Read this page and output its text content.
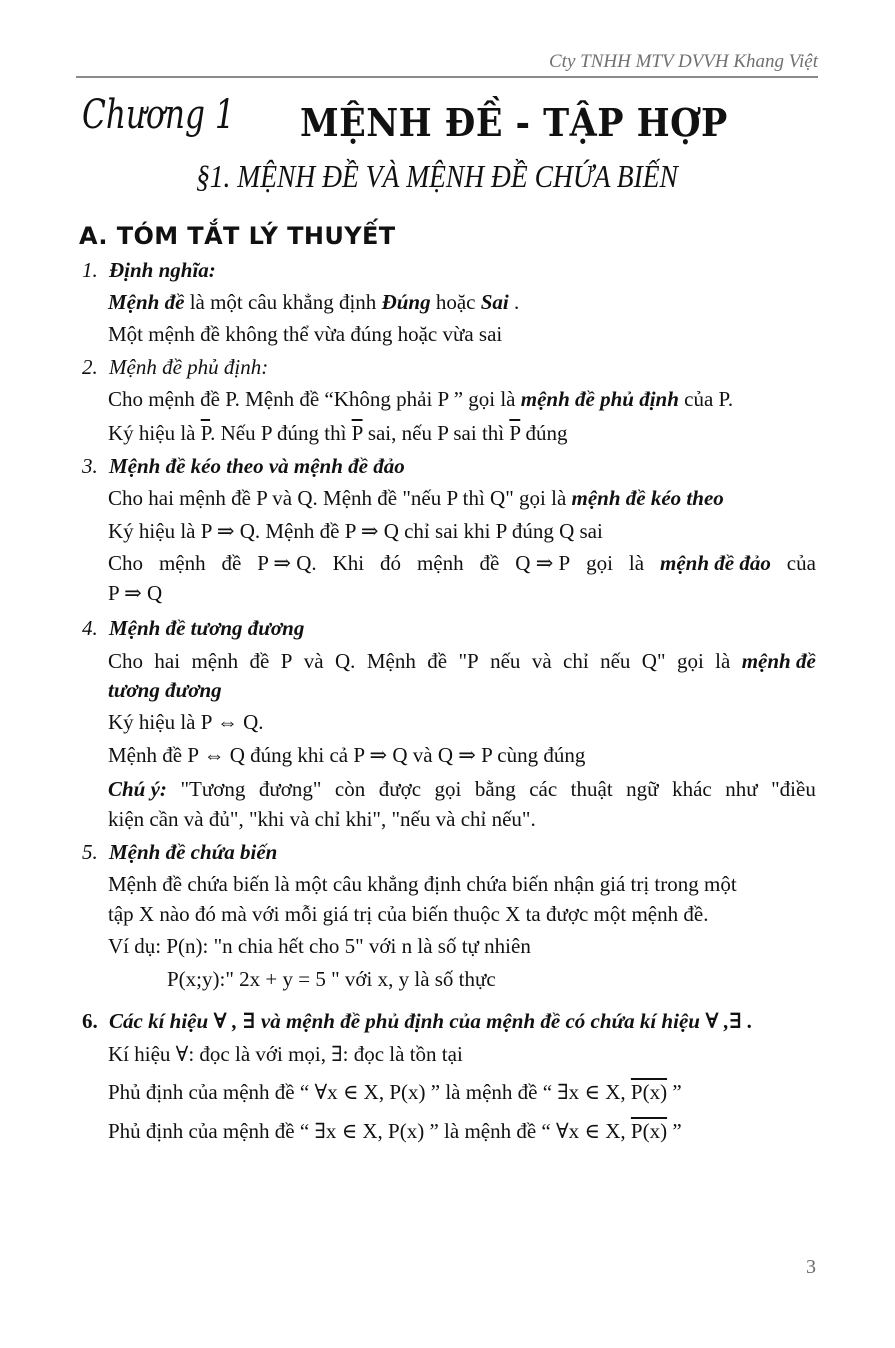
Cty TNHH MTV DVVH Khang Việt
Chương 1 MỆNH ĐỀ - TẬP HỢP
§1. MỆNH ĐỀ VÀ MỆNH ĐỀ CHỨA BIẾN
A. TÓM TẮT LÝ THUYẾT
1. Định nghĩa:
Mệnh đề là một câu khẳng định Đúng hoặc Sai .
Một mệnh đề không thể vừa đúng hoặc vừa sai
2. Mệnh đề phủ định:
Cho mệnh đề P. Mệnh đề “Không phải P ” gọi là mệnh đề phủ định của P.
Ký hiệu là $\overline{P}$. Nếu P đúng thì $\overline{P}$ sai, nếu P sai thì $\overline{P}$ đúng
3. Mệnh đề kéo theo và mệnh đề đảo
Cho hai mệnh đề P và Q. Mệnh đề "nếu P thì Q" gọi là mệnh đề kéo theo
Ký hiệu là P ⇒ Q. Mệnh đề P ⇒ Q chỉ sai khi P đúng Q sai
Cho mệnh đề P ⇒ Q. Khi đó mệnh đề Q ⇒ P gọi là mệnh đề đảo của
P ⇒ Q
4. Mệnh đề tương đương
Cho hai mệnh đề P và Q. Mệnh đề "P nếu và chỉ nếu Q" gọi là mệnh đề
tương đương
Ký hiệu là P ⇔ Q.
Mệnh đề P ⇔ Q đúng khi cả P ⇒ Q và Q ⇒ P cùng đúng
Chú ý: "Tương đương" còn được gọi bằng các thuật ngữ khác như "điều
kiện cần và đủ", "khi và chỉ khi", "nếu và chỉ nếu".
5. Mệnh đề chứa biến
Mệnh đề chứa biến là một câu khẳng định chứa biến nhận giá trị trong một
tập X nào đó mà với mỗi giá trị của biến thuộc X ta được một mệnh đề.
Ví dụ: P(n): "n chia hết cho 5" với n là số tự nhiên
P(x;y):" 2x + y = 5 " với x, y là số thực
6. Các kí hiệu ∀ , ∃ và mệnh đề phủ định của mệnh đề có chứa kí hiệu ∀ ,∃ .
Kí hiệu ∀: đọc là với mọi, ∃: đọc là tồn tại
Phủ định của mệnh đề “ ∀x ∈ X, P(x) ” là mệnh đề “ ∃x ∈ X, P(x) ”
Phủ định của mệnh đề “ ∃x ∈ X, P(x) ” là mệnh đề “ ∀x ∈ X, P(x) ”
3
